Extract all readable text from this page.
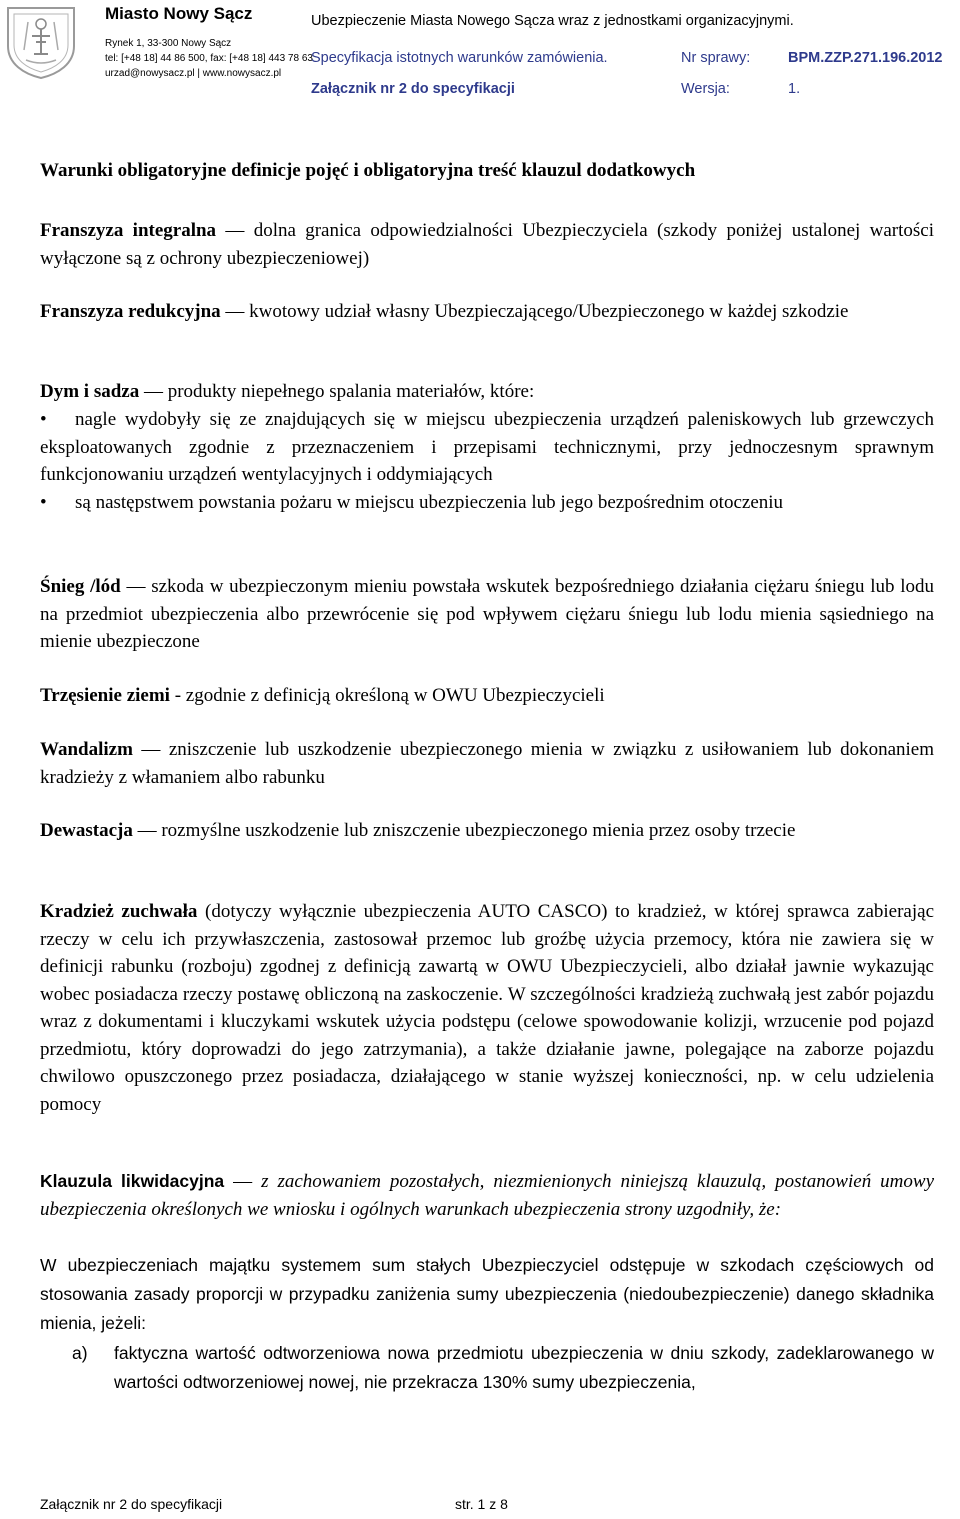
Miasto Nowy Sącz
Rynek 1, 33-300 Nowy Sącz
tel: [+48 18] 44 86 500, fax: [+48 18] 443 78 63
urzad@nowysacz.pl | www.nowysacz.pl
Ubezpieczenie Miasta Nowego Sącza wraz z jednostkami organizacyjnymi.
Specyfikacja istotnych warunków zamówienia.	Nr sprawy:	BPM.ZZP.271.196.2012
Załącznik nr 2 do specyfikacji	Wersja:	1.
Warunki obligatoryjne definicje pojęć i obligatoryjna treść klauzul dodatkowych
Franszyza integralna — dolna granica odpowiedzialności Ubezpieczyciela (szkody poniżej ustalonej wartości wyłączone są z ochrony ubezpieczeniowej)
Franszyza redukcyjna — kwotowy udział własny Ubezpieczającego/Ubezpieczonego w każdej szkodzie
Dym i sadza — produkty niepełnego spalania materiałów, które:
• nagle wydobyły się ze znajdujących się w miejscu ubezpieczenia urządzeń paleniskowych lub grzewczych eksploatowanych zgodnie z przeznaczeniem i przepisami technicznymi, przy jednoczesnym sprawnym funkcjonowaniu urządzeń wentylacyjnych i oddymiających
• są następstwem powstania pożaru w miejscu ubezpieczenia lub jego bezpośrednim otoczeniu
Śnieg /lód — szkoda w ubezpieczonym mieniu powstała wskutek bezpośredniego działania ciężaru śniegu lub lodu na przedmiot ubezpieczenia albo przewrócenie się pod wpływem ciężaru śniegu lub lodu mienia sąsiedniego na mienie ubezpieczone
Trzęsienie ziemi - zgodnie z definicją określoną w OWU Ubezpieczycieli
Wandalizm — zniszczenie lub uszkodzenie ubezpieczonego mienia w związku z usiłowaniem lub dokonaniem kradzieży z włamaniem albo rabunku
Dewastacja — rozmyślne uszkodzenie lub zniszczenie ubezpieczonego mienia przez osoby trzecie
Kradzież zuchwała (dotyczy wyłącznie ubezpieczenia AUTO CASCO) to kradzież, w której sprawca zabierając rzeczy w celu ich przywłaszczenia, zastosował przemoc lub groźbę użycia przemocy, która nie zawiera się w definicji rabunku (rozboju) zgodnej z definicją zawartą w OWU Ubezpieczycieli, albo działał jawnie wykazując wobec posiadacza rzeczy postawę obliczoną na zaskoczenie. W szczególności kradzieżą zuchwałą jest zabór pojazdu wraz z dokumentami i kluczykami wskutek użycia podstępu (celowe spowodowanie kolizji, wrzucenie pod pojazd przedmiotu, który doprowadzi do jego zatrzymania), a także działanie jawne, polegające na zaborze pojazdu chwilowo opuszczonego przez posiadacza, działającego w stanie wyższej konieczności, np. w celu udzielenia pomocy
Klauzula likwidacyjna — z zachowaniem pozostałych, niezmienionych niniejszą klauzulą, postanowień umowy ubezpieczenia określonych we wniosku i ogólnych warunkach ubezpieczenia strony uzgodniły, że:
W ubezpieczeniach majątku systemem sum stałych Ubezpieczyciel odstępuje w szkodach częściowych od stosowania zasady proporcji w przypadku zaniżenia sumy ubezpieczenia (niedoubezpieczenie) danego składnika mienia, jeżeli:
a)	faktyczna wartość odtworzeniowa nowa przedmiotu ubezpieczenia w dniu szkody, zadeklarowanego w wartości odtworzeniowej nowej, nie przekracza 130% sumy ubezpieczenia,
Załącznik nr 2 do specyfikacji	str. 1 z 8
